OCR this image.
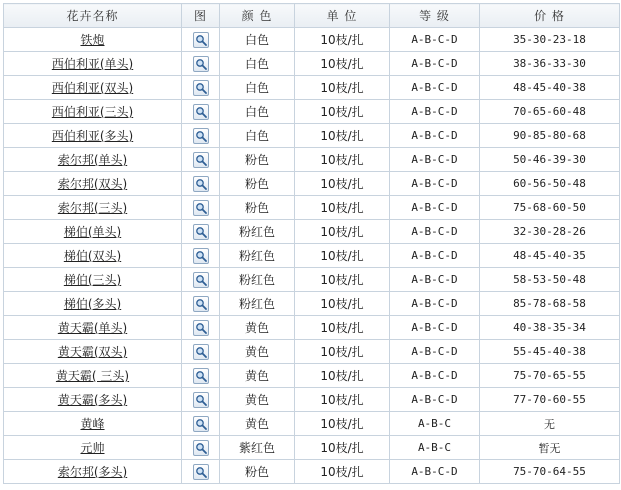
花卉名称	图	颜 色	单 位	等 级	价 格
铁炮		白色	10枝/扎	A-B-C-D	35-30-23-18
西伯利亚(单头)		白色	10枝/扎	A-B-C-D	38-36-33-30
西伯利亚(双头)		白色	10枝/扎	A-B-C-D	48-45-40-38
西伯利亚(三头)		白色	10枝/扎	A-B-C-D	70-65-60-48
西伯利亚(多头)		白色	10枝/扎	A-B-C-D	90-85-80-68
索尔邦(单头)		粉色	10枝/扎	A-B-C-D	50-46-39-30
索尔邦(双头)		粉色	10枝/扎	A-B-C-D	60-56-50-48
索尔邦(三头)		粉色	10枝/扎	A-B-C-D	75-68-60-50
梯伯(单头)		粉红色	10枝/扎	A-B-C-D	32-30-28-26
梯伯(双头)		粉红色	10枝/扎	A-B-C-D	48-45-40-35
梯伯(三头)		粉红色	10枝/扎	A-B-C-D	58-53-50-48
梯伯(多头)		粉红色	10枝/扎	A-B-C-D	85-78-68-58
黄天霸(单头)		黄色	10枝/扎	A-B-C-D	40-38-35-34
黄天霸(双头)		黄色	10枝/扎	A-B-C-D	55-45-40-38
黄天霸( 三头)		黄色	10枝/扎	A-B-C-D	75-70-65-55
黄天霸(多头)		黄色	10枝/扎	A-B-C-D	77-70-60-55
黄峰		黄色	10枝/扎	A-B-C	无
元帅		紫红色	10枝/扎	A-B-C	暂无
索尔邦(多头)		粉色	10枝/扎	A-B-C-D	75-70-64-55
